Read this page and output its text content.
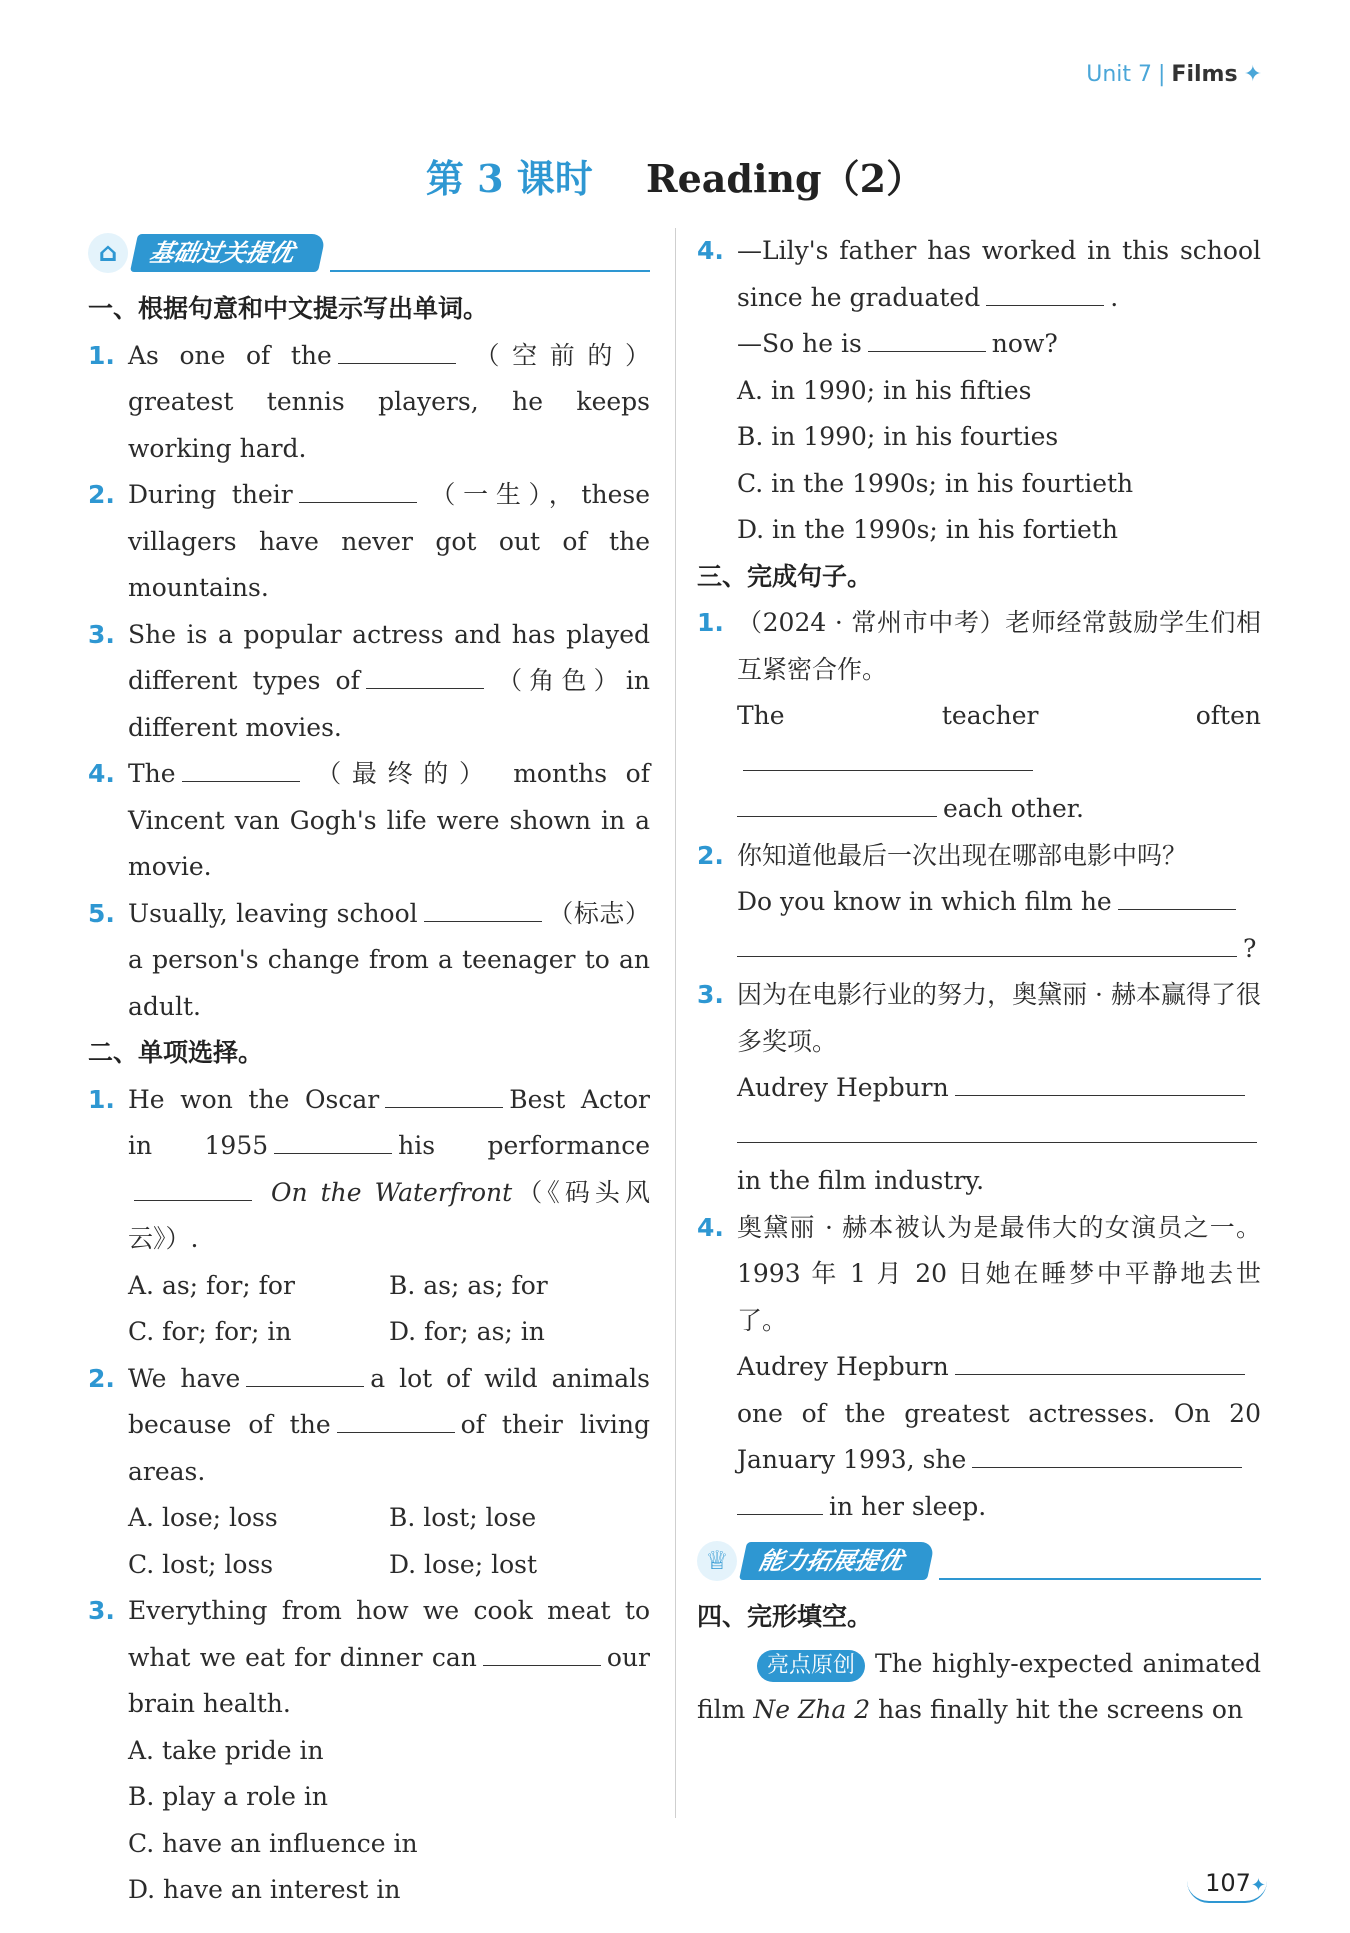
Unit 7 | Films ✦
第 3 课时 Reading（2）
⌂	基础过关提优
一、根据句意和中文提示写出单词。
1. As one of the	（空前的）greatest tennis players, he keeps working hard.
2. During their	（一生），these villagers have never got out of the mountains.
3. She is a popular actress and has played different types of	（角色）in different movies.
4. The	（最终的） months of Vincent van Gogh's life were shown in a movie.
5. Usually, leaving school	（标志） a person's change from a teenager to an adult.
二、单项选择。
1. He won the Oscar	Best Actor in 1955	his performance On the Waterfront（《码头风云》）.
A. as; for; for	B. as; as; for
C. for; for; in	D. for; as; in
2. We have	a lot of wild animals because of the	of their living areas.
A. lose; loss	B. lost; lose
C. lost; loss	D. lose; lost
3. Everything from how we cook meat to what we eat for dinner can	our brain health.
A. take pride in
B. play a role in
C. have an influence in
D. have an interest in
4. —Lily's father has worked in this school since he graduated	.
—So he is	now?
A. in 1990; in his fifties
B. in 1990; in his fourties
C. in the 1990s; in his fourtieth
D. in the 1990s; in his fortieth
三、完成句子。
1. （2024 · 常州市中考）老师经常鼓励学生们相互紧密合作。
The teacher often
each other.
2. 你知道他最后一次出现在哪部电影中吗？
Do you know in which film he
?
3. 因为在电影行业的努力，奥黛丽 · 赫本赢得了很多奖项。
Audrey Hepburn

in the film industry.
4. 奥黛丽 · 赫本被认为是最伟大的女演员之一。1993 年 1 月 20 日她在睡梦中平静地去世了。
Audrey Hepburn
one of the greatest actresses. On 20 January 1993, she
in her sleep.
♕	能力拓展提优
四、完形填空。
亮点原创 The highly-expected animated film Ne Zha 2 has finally hit the screens on
107✦
